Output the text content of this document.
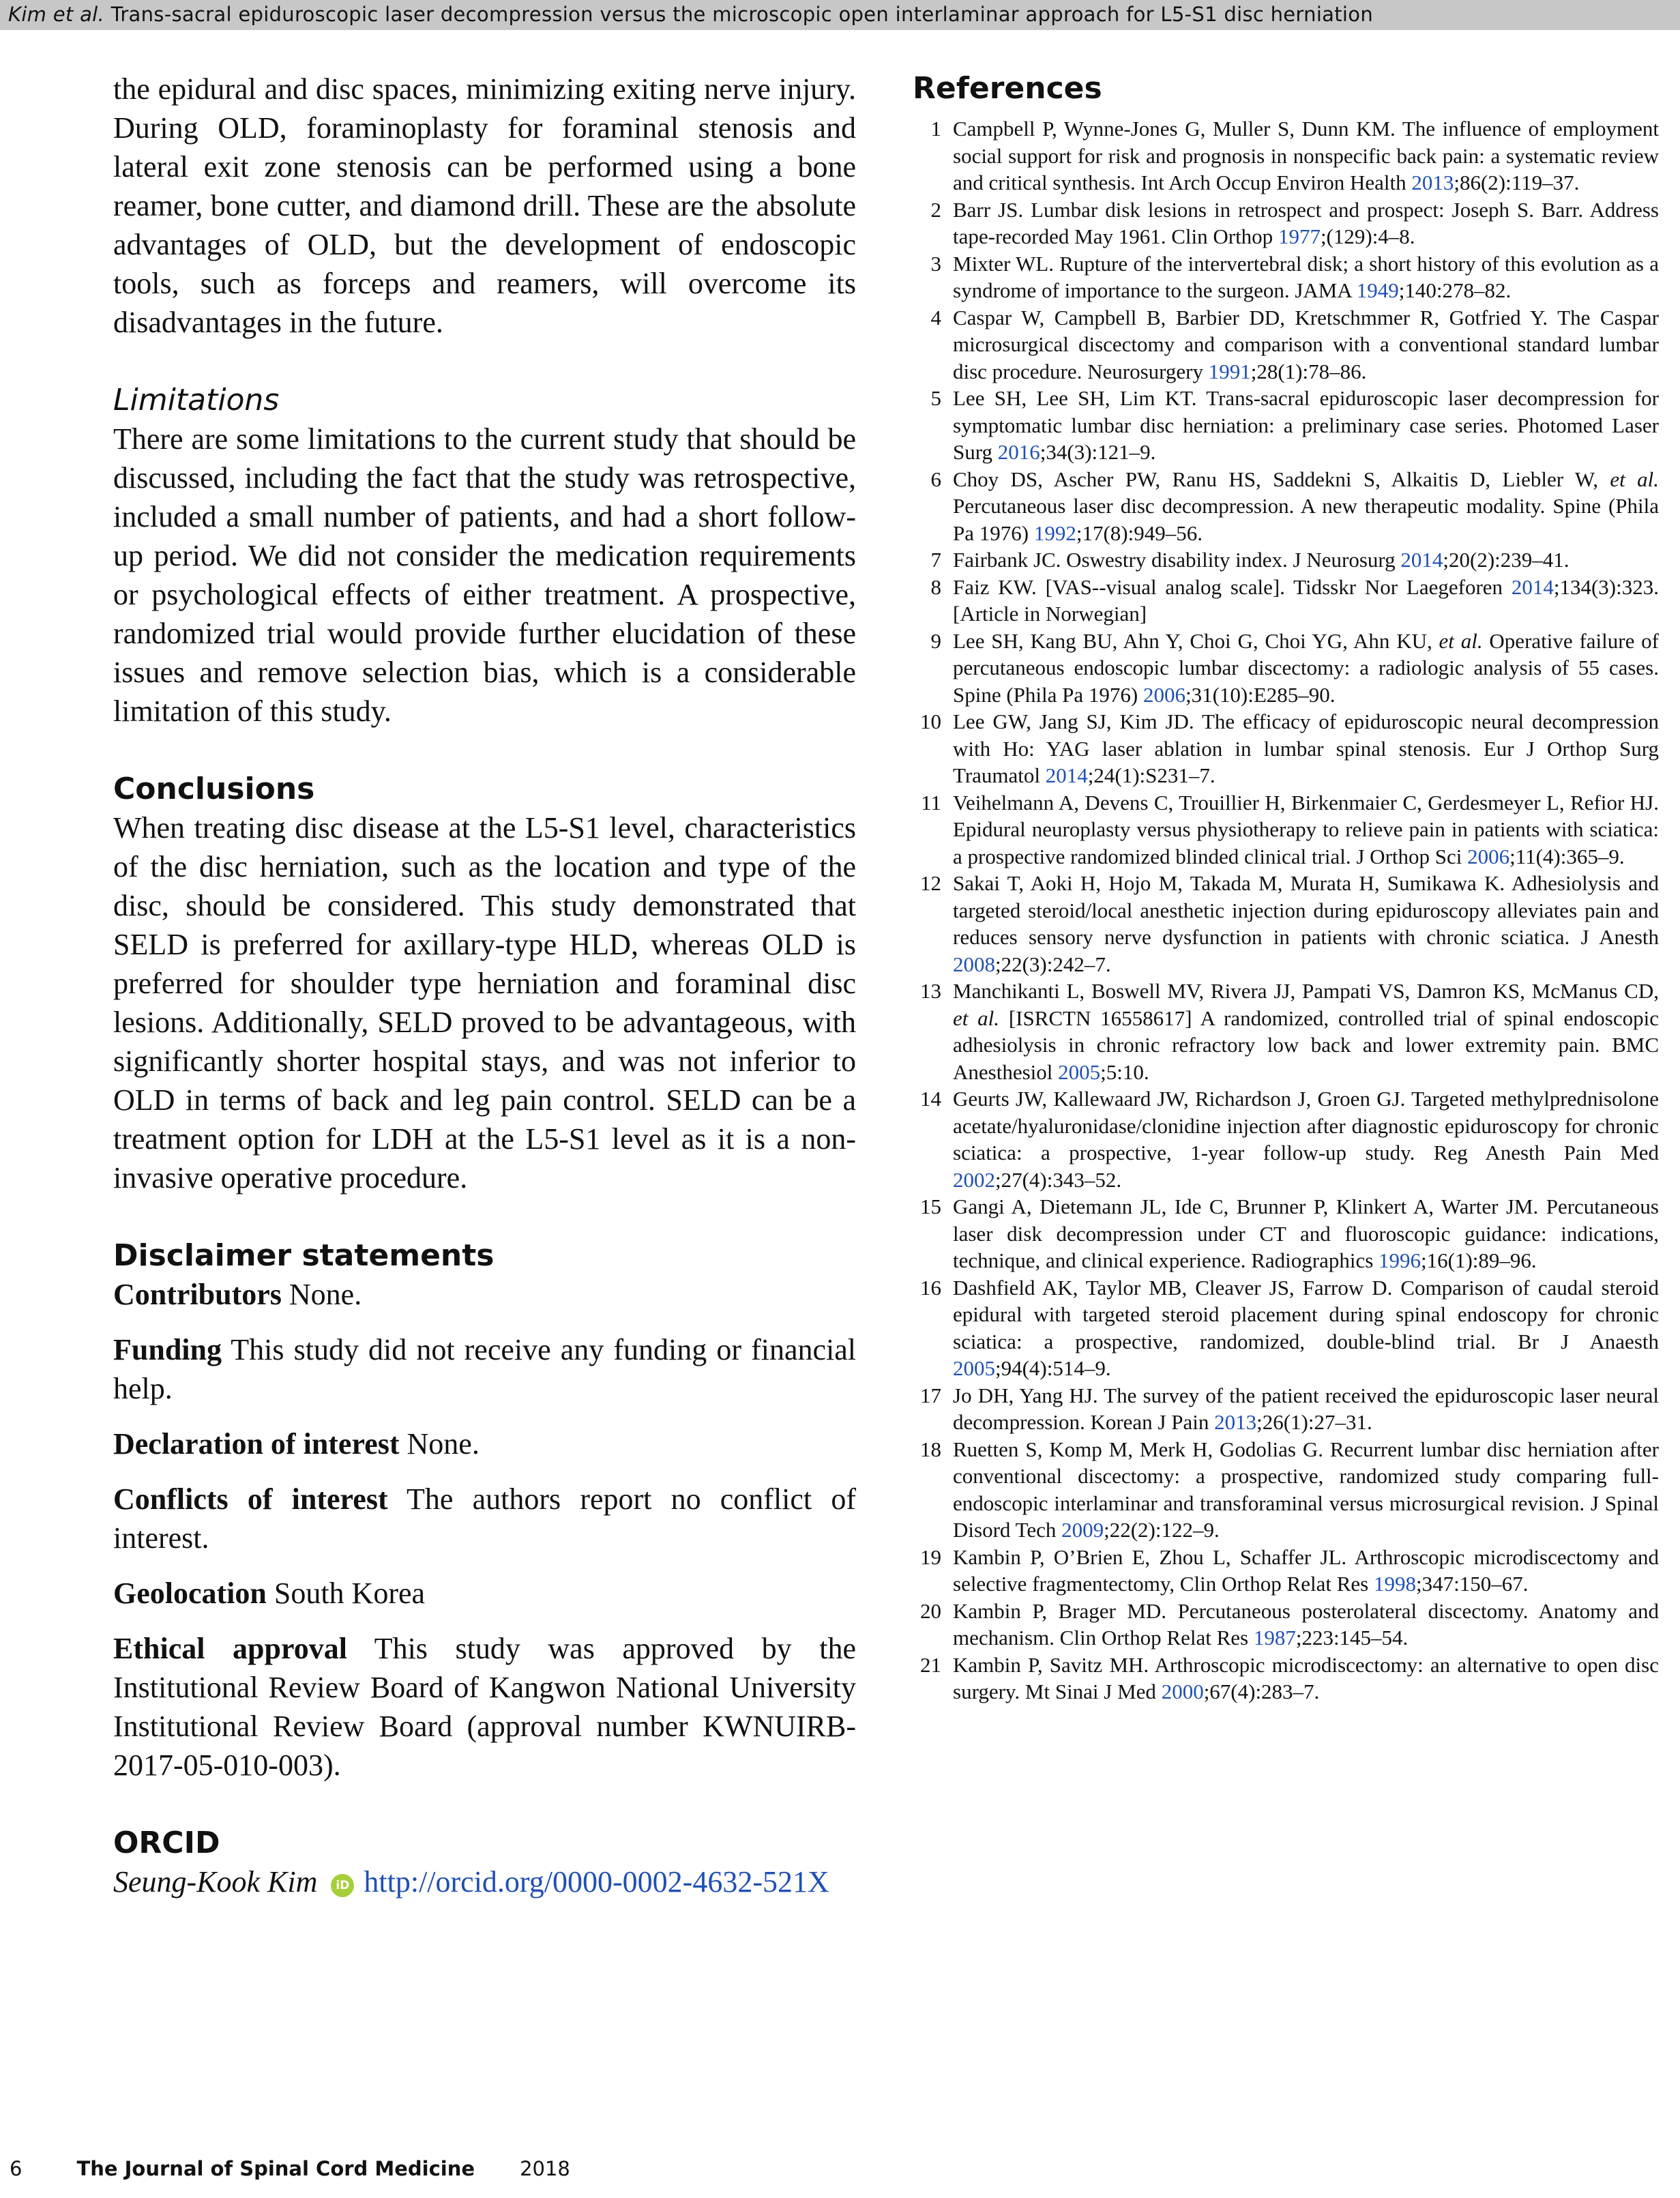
Kim et al. Trans-sacral epiduroscopic laser decompression versus the microscopic open interlaminar approach for L5-S1 disc herniation

the epidural and disc spaces, minimizing exiting nerve injury. During OLD, foraminoplasty for foraminal stenosis and lateral exit zone stenosis can be performed using a bone reamer, bone cutter, and diamond drill. These are the absolute advantages of OLD, but the development of endoscopic tools, such as forceps and reamers, will overcome its disadvantages in the future.

Limitations

There are some limitations to the current study that should be discussed, including the fact that the study was retrospective, included a small number of patients, and had a short follow-up period. We did not consider the medication requirements or psychological effects of either treatment. A prospective, randomized trial would provide further elucidation of these issues and remove selection bias, which is a considerable limitation of this study.

Conclusions

When treating disc disease at the L5-S1 level, characteristics of the disc herniation, such as the location and type of the disc, should be considered. This study demonstrated that SELD is preferred for axillary-type HLD, whereas OLD is preferred for shoulder type herniation and foraminal disc lesions. Additionally, SELD proved to be advantageous, with significantly shorter hospital stays, and was not inferior to OLD in terms of back and leg pain control. SELD can be a treatment option for LDH at the L5-S1 level as it is a non-invasive operative procedure.

Disclaimer statements

Contributors None.

Funding This study did not receive any funding or financial help.

Declaration of interest None.

Conflicts of interest The authors report no conflict of interest.

Geolocation South Korea

Ethical approval This study was approved by the Institutional Review Board of Kangwon National University Institutional Review Board (approval number KWNUIRB-2017-05-010-003).

ORCID

Seung-Kook Kim iD http://orcid.org/0000-0002-4632-521X

References
1 Campbell P, Wynne-Jones G, Muller S, Dunn KM. The influence of employment social support for risk and prognosis in nonspecific back pain: a systematic review and critical synthesis. Int Arch Occup Environ Health 2013;86(2):119–37.
2 Barr JS. Lumbar disk lesions in retrospect and prospect: Joseph S. Barr. Address tape-recorded May 1961. Clin Orthop 1977;(129):4–8.
3 Mixter WL. Rupture of the intervertebral disk; a short history of this evolution as a syndrome of importance to the surgeon. JAMA 1949;140:278–82.
4 Caspar W, Campbell B, Barbier DD, Kretschmmer R, Gotfried Y. The Caspar microsurgical discectomy and comparison with a conventional standard lumbar disc procedure. Neurosurgery 1991;28(1):78–86.
5 Lee SH, Lee SH, Lim KT. Trans-sacral epiduroscopic laser decompression for symptomatic lumbar disc herniation: a preliminary case series. Photomed Laser Surg 2016;34(3):121–9.
6 Choy DS, Ascher PW, Ranu HS, Saddekni S, Alkaitis D, Liebler W, et al. Percutaneous laser disc decompression. A new therapeutic modality. Spine (Phila Pa 1976) 1992;17(8):949–56.
7 Fairbank JC. Oswestry disability index. J Neurosurg 2014;20(2):239–41.
8 Faiz KW. [VAS--visual analog scale]. Tidsskr Nor Laegeforen 2014;134(3):323. [Article in Norwegian]
9 Lee SH, Kang BU, Ahn Y, Choi G, Choi YG, Ahn KU, et al. Operative failure of percutaneous endoscopic lumbar discectomy: a radiologic analysis of 55 cases. Spine (Phila Pa 1976) 2006;31(10):E285–90.
10 Lee GW, Jang SJ, Kim JD. The efficacy of epiduroscopic neural decompression with Ho: YAG laser ablation in lumbar spinal stenosis. Eur J Orthop Surg Traumatol 2014;24(1):S231–7.
11 Veihelmann A, Devens C, Trouillier H, Birkenmaier C, Gerdesmeyer L, Refior HJ. Epidural neuroplasty versus physiotherapy to relieve pain in patients with sciatica: a prospective randomized blinded clinical trial. J Orthop Sci 2006;11(4):365–9.
12 Sakai T, Aoki H, Hojo M, Takada M, Murata H, Sumikawa K. Adhesiolysis and targeted steroid/local anesthetic injection during epiduroscopy alleviates pain and reduces sensory nerve dysfunction in patients with chronic sciatica. J Anesth 2008;22(3):242–7.
13 Manchikanti L, Boswell MV, Rivera JJ, Pampati VS, Damron KS, McManus CD, et al. [ISRCTN 16558617] A randomized, controlled trial of spinal endoscopic adhesiolysis in chronic refractory low back and lower extremity pain. BMC Anesthesiol 2005;5:10.
14 Geurts JW, Kallewaard JW, Richardson J, Groen GJ. Targeted methylprednisolone acetate/hyaluronidase/clonidine injection after diagnostic epiduroscopy for chronic sciatica: a prospective, 1-year follow-up study. Reg Anesth Pain Med 2002;27(4):343–52.
15 Gangi A, Dietemann JL, Ide C, Brunner P, Klinkert A, Warter JM. Percutaneous laser disk decompression under CT and fluoroscopic guidance: indications, technique, and clinical experience. Radiographics 1996;16(1):89–96.
16 Dashfield AK, Taylor MB, Cleaver JS, Farrow D. Comparison of caudal steroid epidural with targeted steroid placement during spinal endoscopy for chronic sciatica: a prospective, randomized, double-blind trial. Br J Anaesth 2005;94(4):514–9.
17 Jo DH, Yang HJ. The survey of the patient received the epiduroscopic laser neural decompression. Korean J Pain 2013;26(1):27–31.
18 Ruetten S, Komp M, Merk H, Godolias G. Recurrent lumbar disc herniation after conventional discectomy: a prospective, randomized study comparing full-endoscopic interlaminar and transforaminal versus microsurgical revision. J Spinal Disord Tech 2009;22(2):122–9.
19 Kambin P, O’Brien E, Zhou L, Schaffer JL. Arthroscopic microdiscectomy and selective fragmentectomy, Clin Orthop Relat Res 1998;347:150–67.
20 Kambin P, Brager MD. Percutaneous posterolateral discectomy. Anatomy and mechanism. Clin Orthop Relat Res 1987;223:145–54.
21 Kambin P, Savitz MH. Arthroscopic microdiscectomy: an alternative to open disc surgery. Mt Sinai J Med 2000;67(4):283–7.
6	The Journal of Spinal Cord Medicine 2018
